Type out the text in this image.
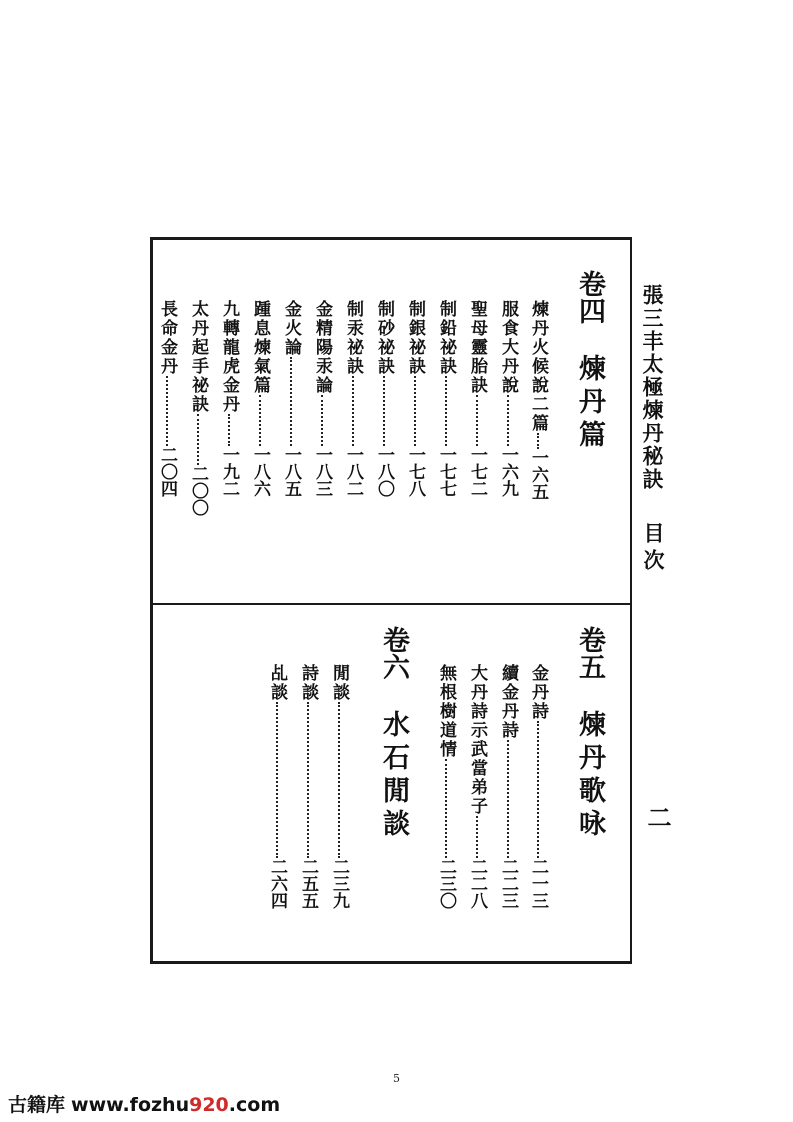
張三丰太極煉丹秘訣
目次
二
卷四煉丹篇
煉丹火候說二篇一六五
服食大丹說一六九
聖母靈胎訣一七二
制鉛祕訣一七七
制銀祕訣一七八
制砂祕訣一八〇
制汞祕訣一八二
金精陽汞論一八三
金火論一八五
踵息煉氣篇一八六
九轉龍虎金丹一九二
太丹起手祕訣二〇〇
長命金丹二〇四
卷五煉丹歌咏
金丹詩二一三
續金丹詩二二三
大丹詩示武當弟子二二八
無根樹道情二三〇
卷六水石閒談
閒談二三九
詩談二五五
乩談二六四
5
古籍库 www.fozhu920.com
